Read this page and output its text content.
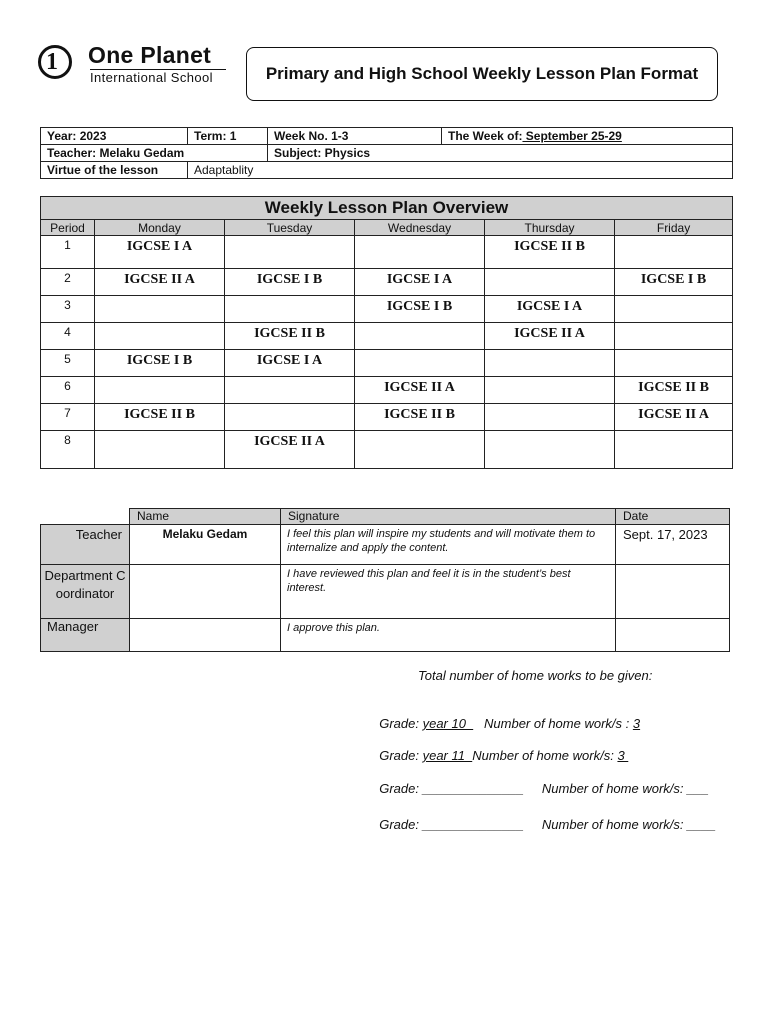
1 One Planet
International School	Primary and High School Weekly Lesson Plan Format
Year: 2023	Term: 1	Week No. 1-3	The Week of: September 25-29
Teacher: Melaku Gedam		Subject: Physics	
Virtue of the lesson	Adaptablity		
Weekly Lesson Plan Overview					
Period	Monday	Tuesday	Wednesday	Thursday	Friday
1	IGCSE I A			IGCSE II B	
2	IGCSE II A	IGCSE I B	IGCSE I A		IGCSE I B
3			IGCSE I B	IGCSE I A	
4		IGCSE II B		IGCSE II A	
5	IGCSE I B	IGCSE I A			
6			IGCSE II A		IGCSE II B
7	IGCSE II B		IGCSE II B		IGCSE II A
8		IGCSE II A			
	Name	Signature	Date
Teacher	Melaku Gedam	I feel this plan will inspire my students and will motivate them to internalize and apply the content.	Sept. 17, 2023
Department Coordinator		I have reviewed this plan and feel it is in the student’s best interest.	
Manager		I approve this plan.	
Total number of home works to be given:

Grade: year 10     Number of home work/s : 3

Grade: year 11  Number of home work/s: 3

Grade: ______________     Number of home work/s: ___

Grade: ______________     Number of home work/s: ____
